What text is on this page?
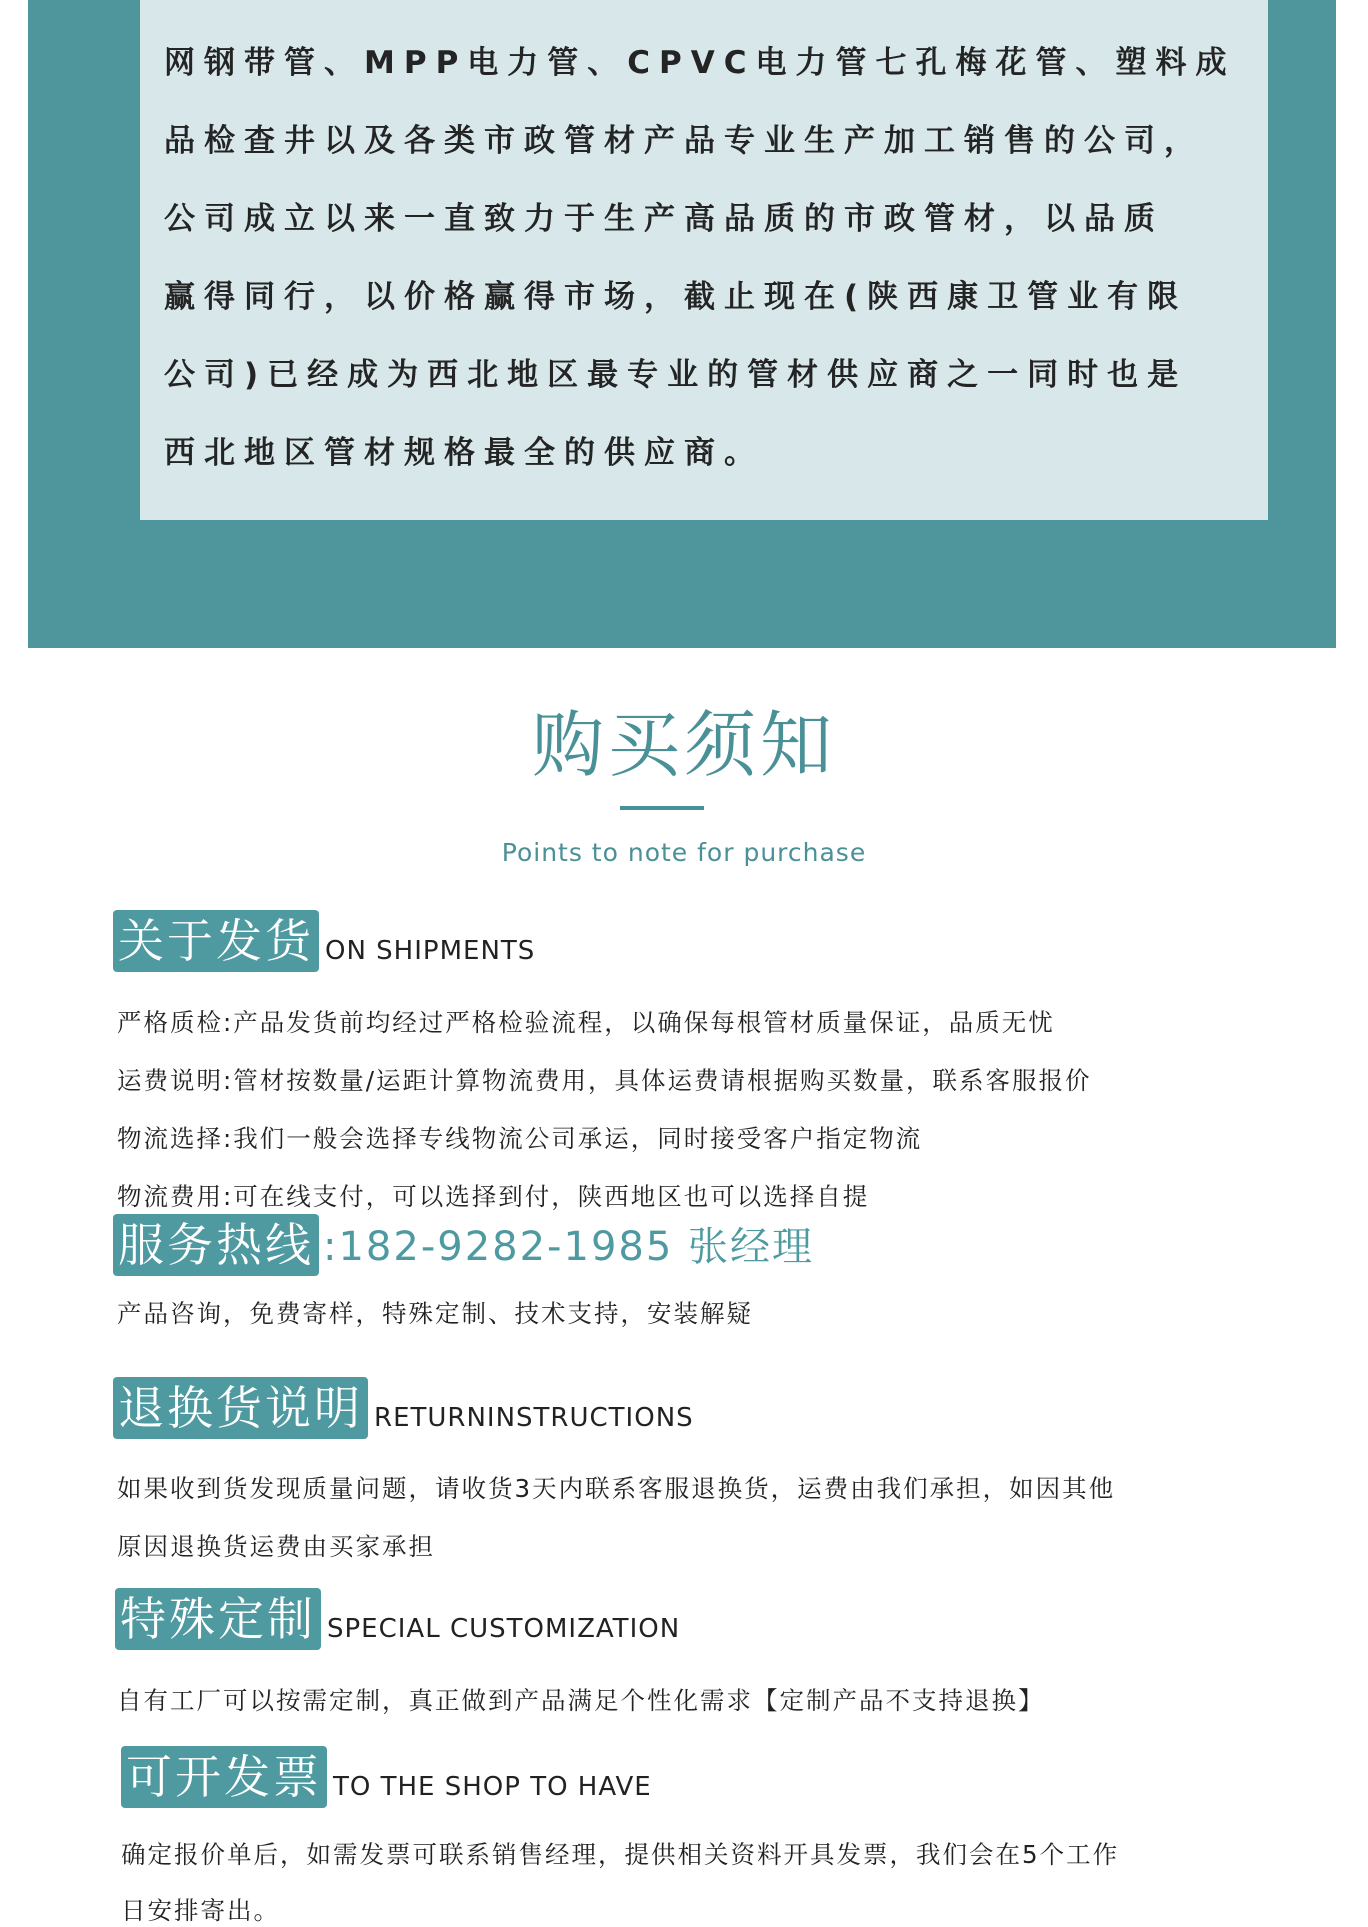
网钢带管、MPP电力管、CPVC电力管七孔梅花管、塑料成
品检查井以及各类市政管材产品专业生产加工销售的公司，
公司成立以来一直致力于生产高品质的市政管材，以品质
赢得同行，以价格赢得市场，截止现在(陕西康卫管业有限
公司)已经成为西北地区最专业的管材供应商之一同时也是
西北地区管材规格最全的供应商。
购买须知
Points to note for purchase
关于发货 ON SHIPMENTS
严格质检:产品发货前均经过严格检验流程，以确保每根管材质量保证，品质无忧
运费说明:管材按数量/运距计算物流费用，具体运费请根据购买数量，联系客服报价
物流选择:我们一般会选择专线物流公司承运，同时接受客户指定物流
物流费用:可在线支付，可以选择到付，陕西地区也可以选择自提
服务热线 :182-9282-1985 张经理
产品咨询，免费寄样，特殊定制、技术支持，安装解疑
退换货说明 RETURNINSTRUCTIONS
如果收到货发现质量问题，请收货3天内联系客服退换货，运费由我们承担，如因其他
原因退换货运费由买家承担
特殊定制 SPECIAL CUSTOMIZATION
自有工厂可以按需定制，真正做到产品满足个性化需求【定制产品不支持退换】
可开发票 TO THE SHOP TO HAVE
确定报价单后，如需发票可联系销售经理，提供相关资料开具发票，我们会在5个工作
日安排寄出。
